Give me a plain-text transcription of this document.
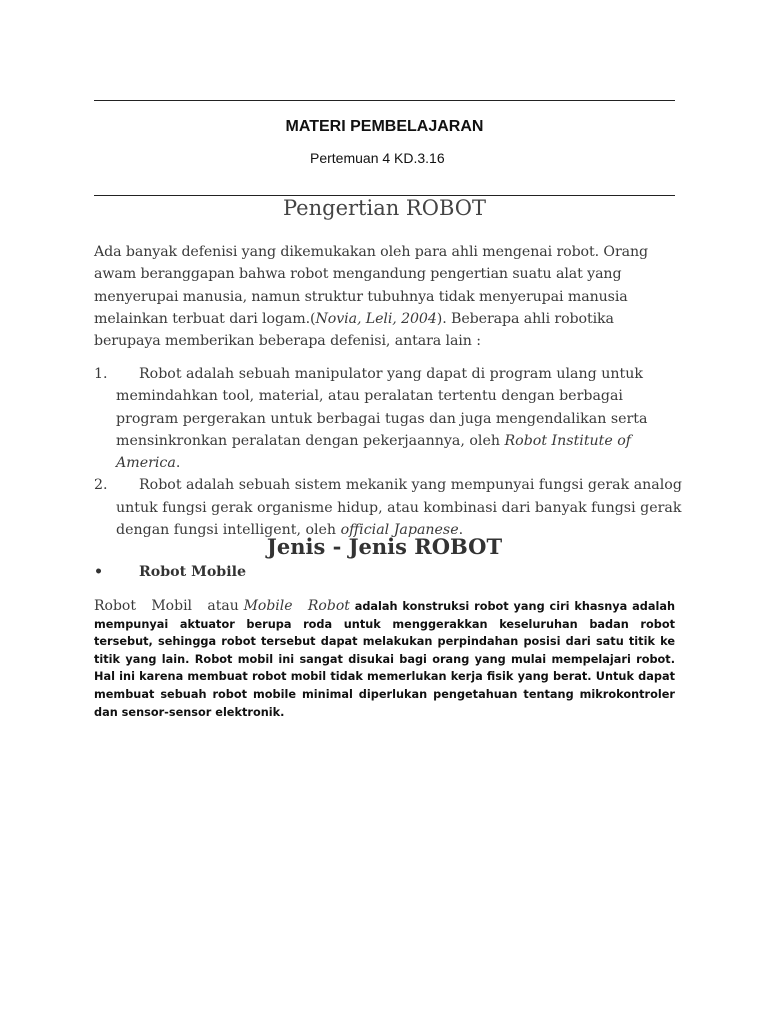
MATERI PEMBELAJARAN
Pertemuan 4 KD.3.16
Pengertian ROBOT
Ada banyak defenisi yang dikemukakan oleh para ahli mengenai robot. Orang awam beranggapan bahwa robot mengandung pengertian suatu alat yang menyerupai manusia, namun struktur tubuhnya tidak menyerupai manusia melainkan terbuat dari logam.(Novia, Leli, 2004). Beberapa ahli robotika berupaya memberikan beberapa defenisi, antara lain :
1. Robot adalah sebuah manipulator yang dapat di program ulang untuk memindahkan tool, material, atau peralatan tertentu dengan berbagai program pergerakan untuk berbagai tugas dan juga mengendalikan serta mensinkronkan peralatan dengan pekerjaannya, oleh Robot Institute of America.
2. Robot adalah sebuah sistem mekanik yang mempunyai fungsi gerak analog untuk fungsi gerak organisme hidup, atau kombinasi dari banyak fungsi gerak dengan fungsi intelligent, oleh official Japanese.
Jenis - Jenis ROBOT
•	Robot Mobile
Robot Mobil atau Mobile Robot adalah konstruksi robot yang ciri khasnya adalah mempunyai aktuator berupa roda untuk menggerakkan keseluruhan badan robot tersebut, sehingga robot tersebut dapat melakukan perpindahan posisi dari satu titik ke titik yang lain. Robot mobil ini sangat disukai bagi orang yang mulai mempelajari robot. Hal ini karena membuat robot mobil tidak memerlukan kerja fisik yang berat. Untuk dapat membuat sebuah robot mobile minimal diperlukan pengetahuan tentang mikrokontroler dan sensor-sensor elektronik.
